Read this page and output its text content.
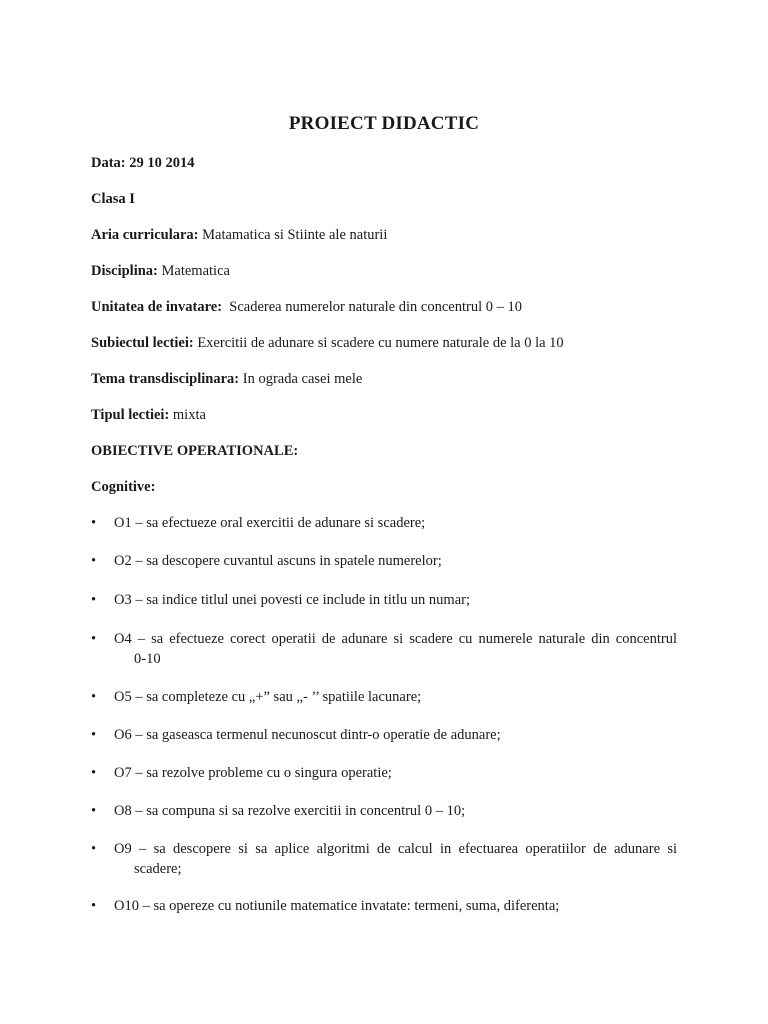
PROIECT DIDACTIC
Data: 29 10 2014
Clasa I
Aria curriculara: Matamatica si Stiinte ale naturii
Disciplina: Matematica
Unitatea de invatare: Scaderea numerelor naturale din concentrul 0 – 10
Subiectul lectiei: Exercitii de adunare si scadere cu numere naturale de la 0 la 10
Tema transdisciplinara: In ograda casei mele
Tipul lectiei: mixta
OBIECTIVE OPERATIONALE:
Cognitive:
•	O1 – sa efectueze oral exercitii de adunare si scadere;
•	O2 – sa descopere cuvantul ascuns in spatele numerelor;
•	O3 – sa indice titlul unei povesti ce include in titlu un numar;
•	O4 – sa efectueze corect operatii de adunare si scadere cu numerele naturale din concentrul
0-10
•	O5 – sa completeze cu „+” sau „- ’’ spatiile lacunare;
•	O6 – sa gaseasca termenul necunoscut dintr-o operatie de adunare;
•	O7 – sa rezolve probleme cu o singura operatie;
•	O8 – sa compuna si sa rezolve exercitii in concentrul 0 – 10;
•	O9 – sa descopere si sa aplice algoritmi de calcul in efectuarea operatiilor de adunare si
scadere;
•	O10 – sa opereze cu notiunile matematice invatate: termeni, suma, diferenta;
